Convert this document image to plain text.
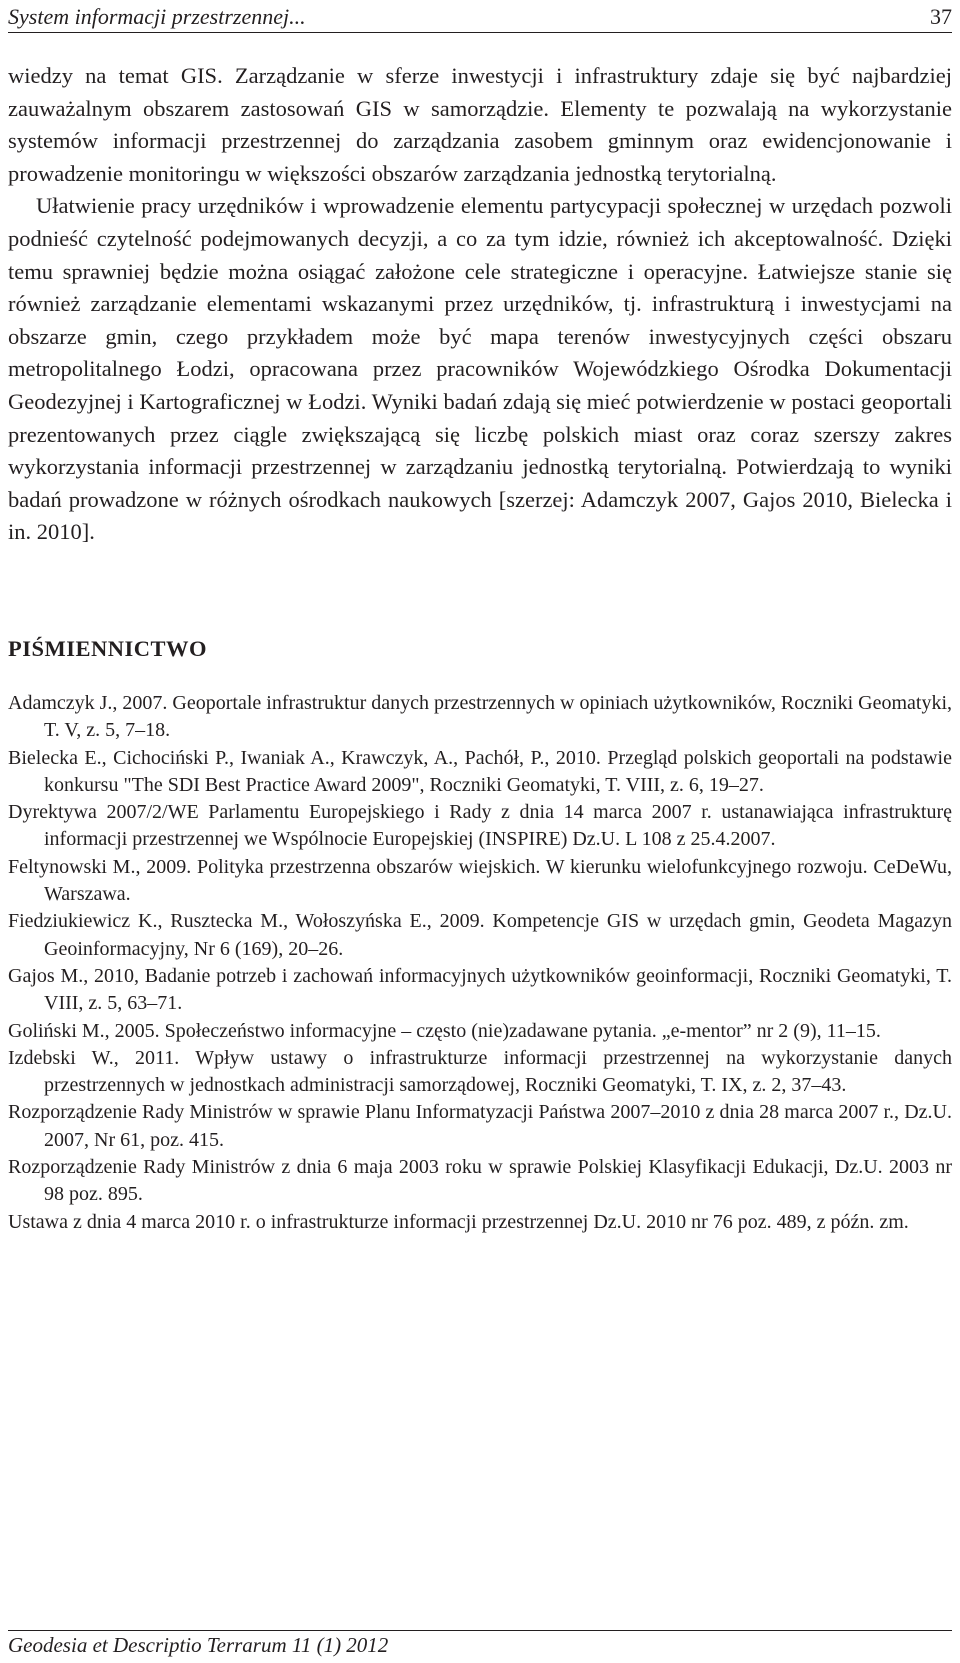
System informacji przestrzennej...	37

wiedzy na temat GIS. Zarządzanie w sferze inwestycji i infrastruktury zdaje się być najbardziej zauważalnym obszarem zastosowań GIS w samorządzie. Elementy te pozwalają na wykorzystanie systemów informacji przestrzennej do zarządzania zasobem gminnym oraz ewidencjonowanie i prowadzenie monitoringu w większości obszarów zarządzania jednostką terytorialną.

Ułatwienie pracy urzędników i wprowadzenie elementu partycypacji społecznej w urzędach pozwoli podnieść czytelność podejmowanych decyzji, a co za tym idzie, również ich akceptowalność. Dzięki temu sprawniej będzie można osiągać założone cele strategiczne i operacyjne. Łatwiejsze stanie się również zarządzanie elementami wskazanymi przez urzędników, tj. infrastrukturą i inwestycjami na obszarze gmin, czego przykładem może być mapa terenów inwestycyjnych części obszaru metropolitalnego Łodzi, opracowana przez pracowników Wojewódzkiego Ośrodka Dokumentacji Geodezyjnej i Kartograficznej w Łodzi. Wyniki badań zdają się mieć potwierdzenie w postaci geoportali prezentowanych przez ciągle zwiększającą się liczbę polskich miast oraz coraz szerszy zakres wykorzystania informacji przestrzennej w zarządzaniu jednostką terytorialną. Potwierdzają to wyniki badań prowadzone w różnych ośrodkach naukowych [szerzej: Adamczyk 2007, Gajos 2010, Bielecka i in. 2010].

PIŚMIENNICTWO
Adamczyk J., 2007. Geoportale infrastruktur danych przestrzennych w opiniach użytkowników, Roczniki Geomatyki, T. V, z. 5, 7–18.
Bielecka E., Cichociński P., Iwaniak A., Krawczyk, A., Pachół, P., 2010. Przegląd polskich geoportali na podstawie konkursu "The SDI Best Practice Award 2009", Roczniki Geomatyki, T. VIII, z. 6, 19–27.
Dyrektywa 2007/2/WE Parlamentu Europejskiego i Rady z dnia 14 marca 2007 r. ustanawiająca infrastrukturę informacji przestrzennej we Wspólnocie Europejskiej (INSPIRE) Dz.U. L 108 z 25.4.2007.
Feltynowski M., 2009. Polityka przestrzenna obszarów wiejskich. W kierunku wielofunkcyjnego rozwoju. CeDeWu, Warszawa.
Fiedziukiewicz K., Rusztecka M., Wołoszyńska E., 2009. Kompetencje GIS w urzędach gmin, Geodeta Magazyn Geoinformacyjny, Nr 6 (169), 20–26.
Gajos M., 2010, Badanie potrzeb i zachowań informacyjnych użytkowników geoinformacji, Roczniki Geomatyki, T. VIII, z. 5, 63–71.
Goliński M., 2005. Społeczeństwo informacyjne – często (nie)zadawane pytania. „e-mentor” nr 2 (9), 11–15.
Izdebski W., 2011. Wpływ ustawy o infrastrukturze informacji przestrzennej na wykorzystanie danych przestrzennych w jednostkach administracji samorządowej, Roczniki Geomatyki, T. IX, z. 2, 37–43.
Rozporządzenie Rady Ministrów w sprawie Planu Informatyzacji Państwa 2007–2010 z dnia 28 marca 2007 r., Dz.U. 2007, Nr 61, poz. 415.
Rozporządzenie Rady Ministrów z dnia 6 maja 2003 roku w sprawie Polskiej Klasyfikacji Edukacji, Dz.U. 2003 nr 98 poz. 895.
Ustawa z dnia 4 marca 2010 r. o infrastrukturze informacji przestrzennej Dz.U. 2010 nr 76 poz. 489, z późn. zm.
Geodesia et Descriptio Terrarum 11 (1) 2012
